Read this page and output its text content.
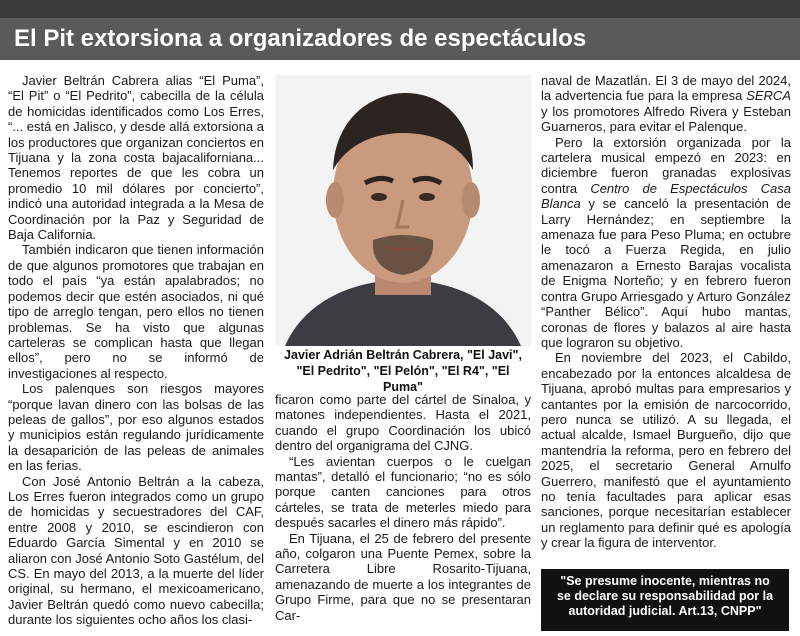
El Pit extorsiona a organizadores de espectáculos

Javier Beltrán Cabrera alias “El Puma”, “El Pit” o “El Pedrito”, cabecilla de la célula de homicidas identificados como Los Erres, “... está en Jalisco, y desde allá extorsiona a los productores que organizan conciertos en Tijuana y la zona costa bajacaliforniana... Tenemos reportes de que les cobra un promedio 10 mil dólares por concierto”, indicó una autoridad integrada a la Mesa de Coordinación por la Paz y Seguridad de Baja California.

También indicaron que tienen información de que algunos promotores que trabajan en todo el país “ya están apalabrados; no podemos decir que estén asociados, ni qué tipo de arreglo tengan, pero ellos no tienen problemas. Se ha visto que algunas carteleras se complican hasta que llegan ellos”, pero no se informó de investigaciones al respecto.

Los palenques son riesgos mayores “porque lavan dinero con las bolsas de las peleas de gallos”, por eso algunos estados y municipios están regulando jurídicamente la desaparición de las peleas de animales en las ferias.

Con José Antonio Beltrán a la cabeza, Los Erres fueron integrados como un grupo de homicidas y secuestradores del CAF, entre 2008 y 2010, se escindieron con Eduardo García Simental y en 2010 se aliaron con José Antonio Soto Gastélum, del CS. En mayo del 2013, a la muerte del líder original, su hermano, el mexicoamericano, Javier Beltrán quedó como nuevo cabecilla; durante los siguientes ocho años los clasi-

Javier Adrián Beltrán Cabrera, "El Javi",
"El Pedrito", "El Pelón", "El R4", "El Puma"

ficaron como parte del cártel de Sinaloa, y matones independientes. Hasta el 2021, cuando el grupo Coordinación los ubicó dentro del organigrama del CJNG.

“Les avientan cuerpos o le cuelgan mantas”, detalló el funcionario; “no es sólo porque canten canciones para otros cárteles, se trata de meterles miedo para después sacarles el dinero más rápido”.

En Tijuana, el 25 de febrero del presente año, colgaron una Puente Pemex, sobre la Carretera Libre Rosarito-Tijuana, amenazando de muerte a los integrantes de Grupo Firme, para que no se presentaran Car-

naval de Mazatlán. El 3 de mayo del 2024, la advertencia fue para la empresa SERCA y los promotores Alfredo Rivera y Esteban Guarneros, para evitar el Palenque.

Pero la extorsión organizada por la cartelera musical empezó en 2023: en diciembre fueron granadas explosivas contra Centro de Espectáculos Casa Blanca y se canceló la presentación de Larry Hernández; en septiembre la amenaza fue para Peso Pluma; en octubre le tocó a Fuerza Regida, en julio amenazaron a Ernesto Barajas vocalista de Enigma Norteño; y en febrero fueron contra Grupo Arriesgado y Arturo González “Panther Bélico”. Aquí hubo mantas, coronas de flores y balazos al aire hasta que lograron su objetivo.

En noviembre del 2023, el Cabildo, encabezado por la entonces alcaldesa de Tijuana, aprobó multas para empresarios y cantantes por la emisión de narcocorrido, pero nunca se utilizó. A su llegada, el actual alcalde, Ismael Burgueño, dijo que mantendría la reforma, pero en febrero del 2025, el secretario General Arnulfo Guerrero, manifestó que el ayuntamiento no tenía facultades para aplicar esas sanciones, porque necesitarían establecer un reglamento para definir qué es apología y crear la figura de interventor.

"Se presume inocente, mientras no
se declare su responsabilidad por la
autoridad judicial. Art.13, CNPP"
